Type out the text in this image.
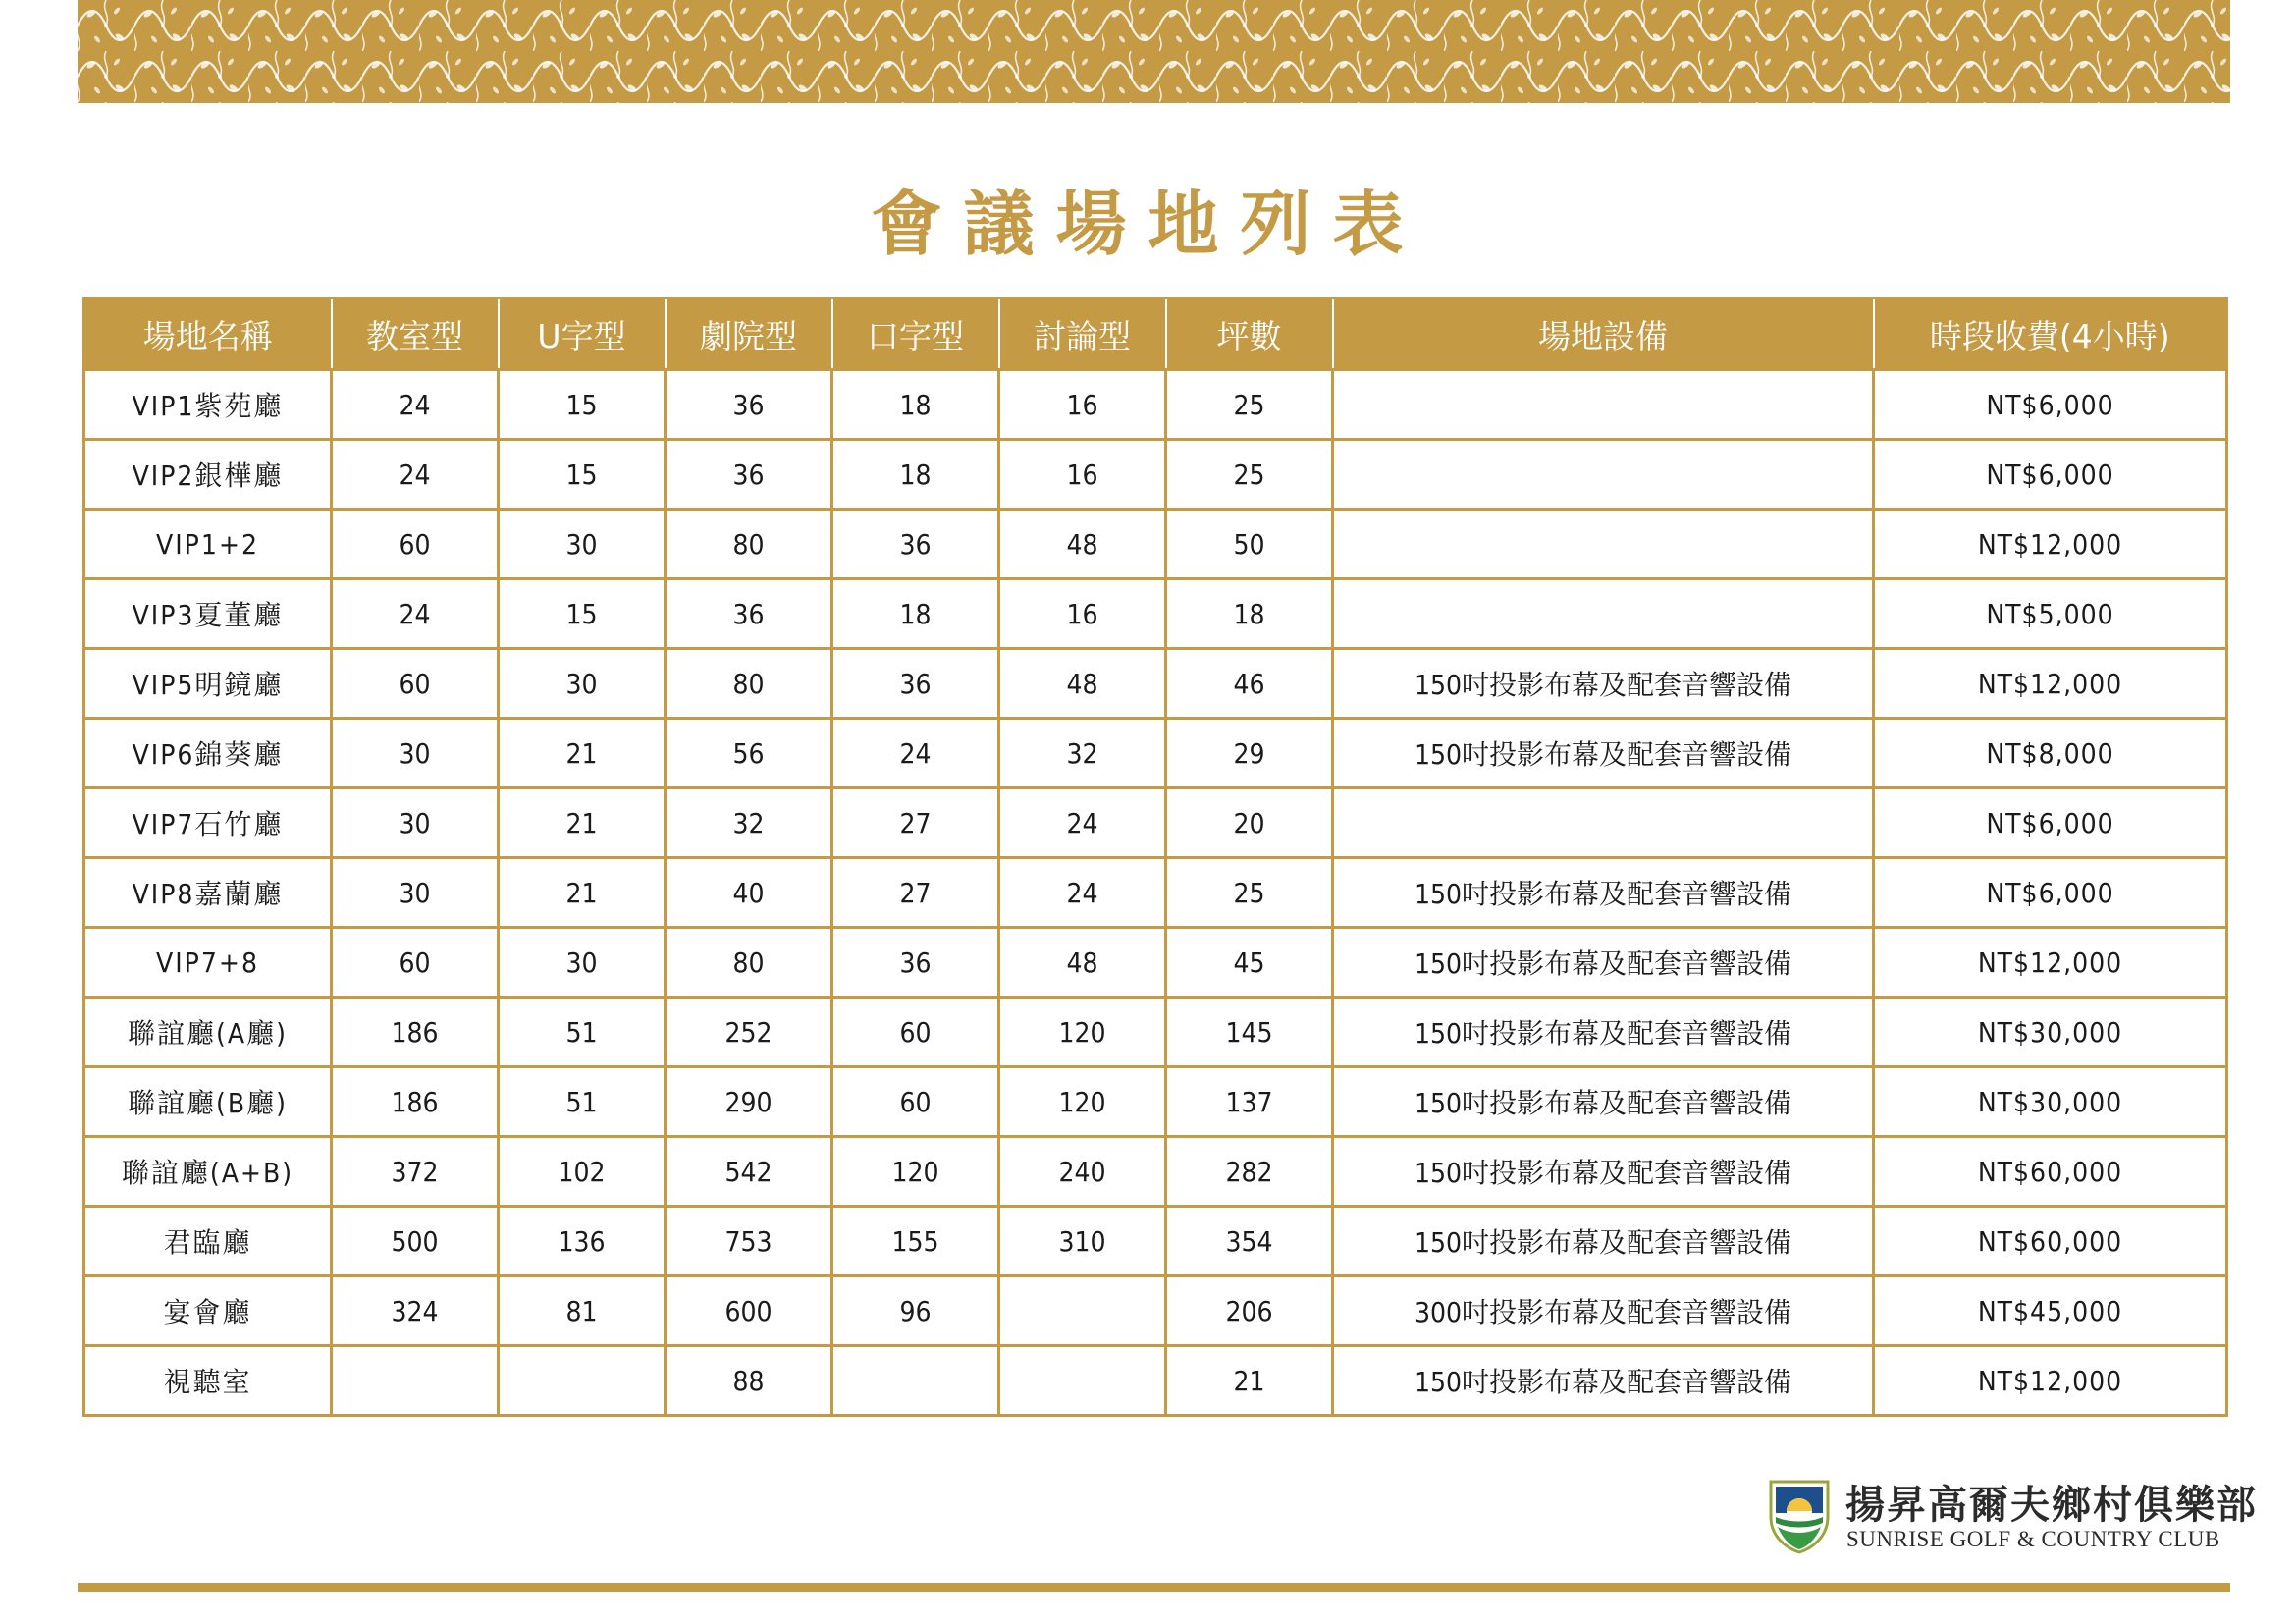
會議場地列表
場地名稱	教室型	U字型	劇院型	口字型	討論型	坪數	場地設備	時段收費(4小時)
VIP1紫苑廳	24	15	36	18	16	25		NT$6,000
VIP2銀樺廳	24	15	36	18	16	25		NT$6,000
VIP1+2	60	30	80	36	48	50		NT$12,000
VIP3夏董廳	24	15	36	18	16	18		NT$5,000
VIP5明鏡廳	60	30	80	36	48	46	150吋投影布幕及配套音響設備	NT$12,000
VIP6錦葵廳	30	21	56	24	32	29	150吋投影布幕及配套音響設備	NT$8,000
VIP7石竹廳	30	21	32	27	24	20		NT$6,000
VIP8嘉蘭廳	30	21	40	27	24	25	150吋投影布幕及配套音響設備	NT$6,000
VIP7+8	60	30	80	36	48	45	150吋投影布幕及配套音響設備	NT$12,000
聯誼廳(A廳)	186	51	252	60	120	145	150吋投影布幕及配套音響設備	NT$30,000
聯誼廳(B廳)	186	51	290	60	120	137	150吋投影布幕及配套音響設備	NT$30,000
聯誼廳(A+B)	372	102	542	120	240	282	150吋投影布幕及配套音響設備	NT$60,000
君臨廳	500	136	753	155	310	354	150吋投影布幕及配套音響設備	NT$60,000
宴會廳	324	81	600	96		206	300吋投影布幕及配套音響設備	NT$45,000
視聽室			88			21	150吋投影布幕及配套音響設備	NT$12,000
揚昇高爾夫鄉村俱樂部
SUNRISE GOLF & COUNTRY CLUB
